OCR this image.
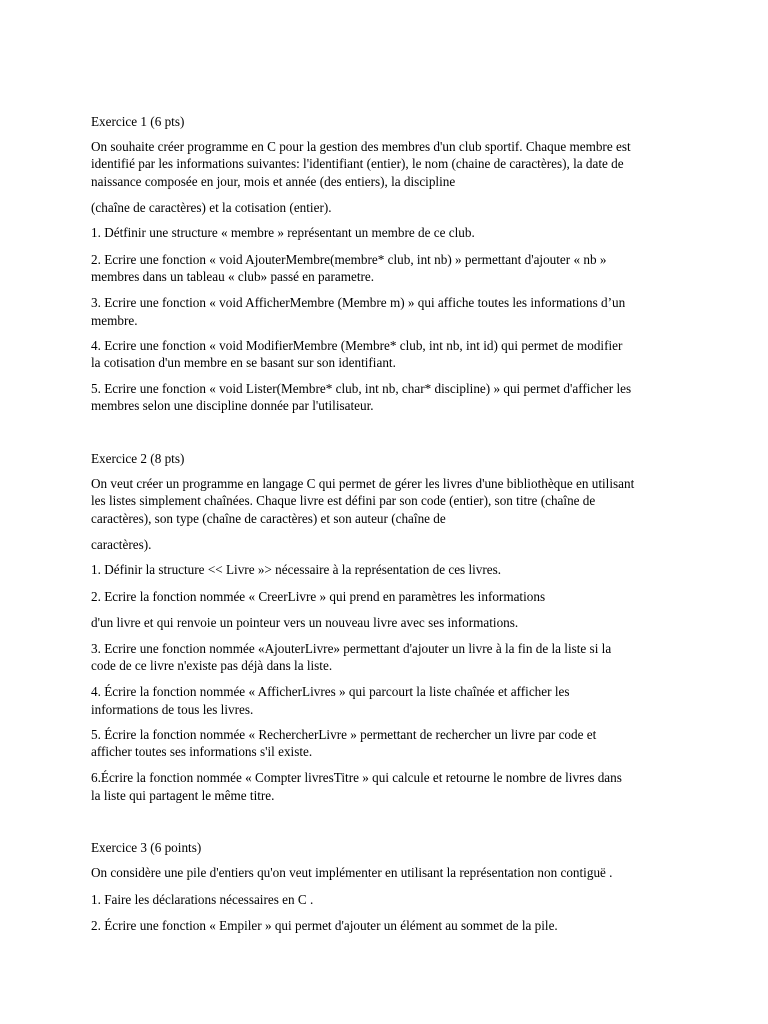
Exercice 1 (6 pts)

On souhaite créer programme en C pour la gestion des membres d'un club sportif. Chaque membre est

identifié par les informations suivantes: l'identifiant (entier), le nom (chaine de caractères), la date de

naissance composée en jour, mois et année (des entiers), la discipline

(chaîne de caractères) et la cotisation (entier).

1. Détfinir une structure « membre » représentant un membre de ce club.

2. Ecrire une fonction « void AjouterMembre(membre* club, int nb) » permettant d'ajouter « nb »

membres dans un tableau « club» passé en parametre.

3. Ecrire une fonction « void AfficherMembre (Membre m) » qui affiche toutes les informations d’un

membre.

4. Ecrire une fonction « void ModifierMembre (Membre* club, int nb, int id) qui permet de modifier

la cotisation d'un membre en se basant sur son identifiant.

5. Ecrire une fonction « void Lister(Membre* club, int nb, char* discipline) » qui permet d'afficher les

membres selon une discipline donnée par l'utilisateur.

Exercice 2 (8 pts)

On veut créer un programme en langage C qui permet de gérer les livres d'une bibliothèque en utilisant

les listes simplement chaînées. Chaque livre est défini par son code (entier), son titre (chaîne de

caractères), son type (chaîne de caractères) et son auteur (chaîne de

caractères).

1. Définir la structure << Livre »> nécessaire à la représentation de ces livres.

2. Ecrire la fonction nommée « CreerLivre » qui prend en paramètres les informations

d'un livre et qui renvoie un pointeur vers un nouveau livre avec ses informations.

3. Ecrire une fonction nommée «AjouterLivre» permettant d'ajouter un livre à la fin de la liste si la

code de ce livre n'existe pas déjà dans la liste.

4. Écrire la fonction nommée « AfficherLivres » qui parcourt la liste chaînée et afficher les

informations de tous les livres.

5. Écrire la fonction nommée « RechercherLivre » permettant de rechercher un livre par code et

afficher toutes ses informations s'il existe.

6.Écrire la fonction nommée « Compter livresTitre » qui calcule et retourne le nombre de livres dans

la liste qui partagent le même titre.

Exercice 3 (6 points)

On considère une pile d'entiers qu'on veut implémenter en utilisant la représentation non contiguë .

1. Faire les déclarations nécessaires en C .

2. Écrire une fonction « Empiler » qui permet d'ajouter un élément au sommet de la pile.
